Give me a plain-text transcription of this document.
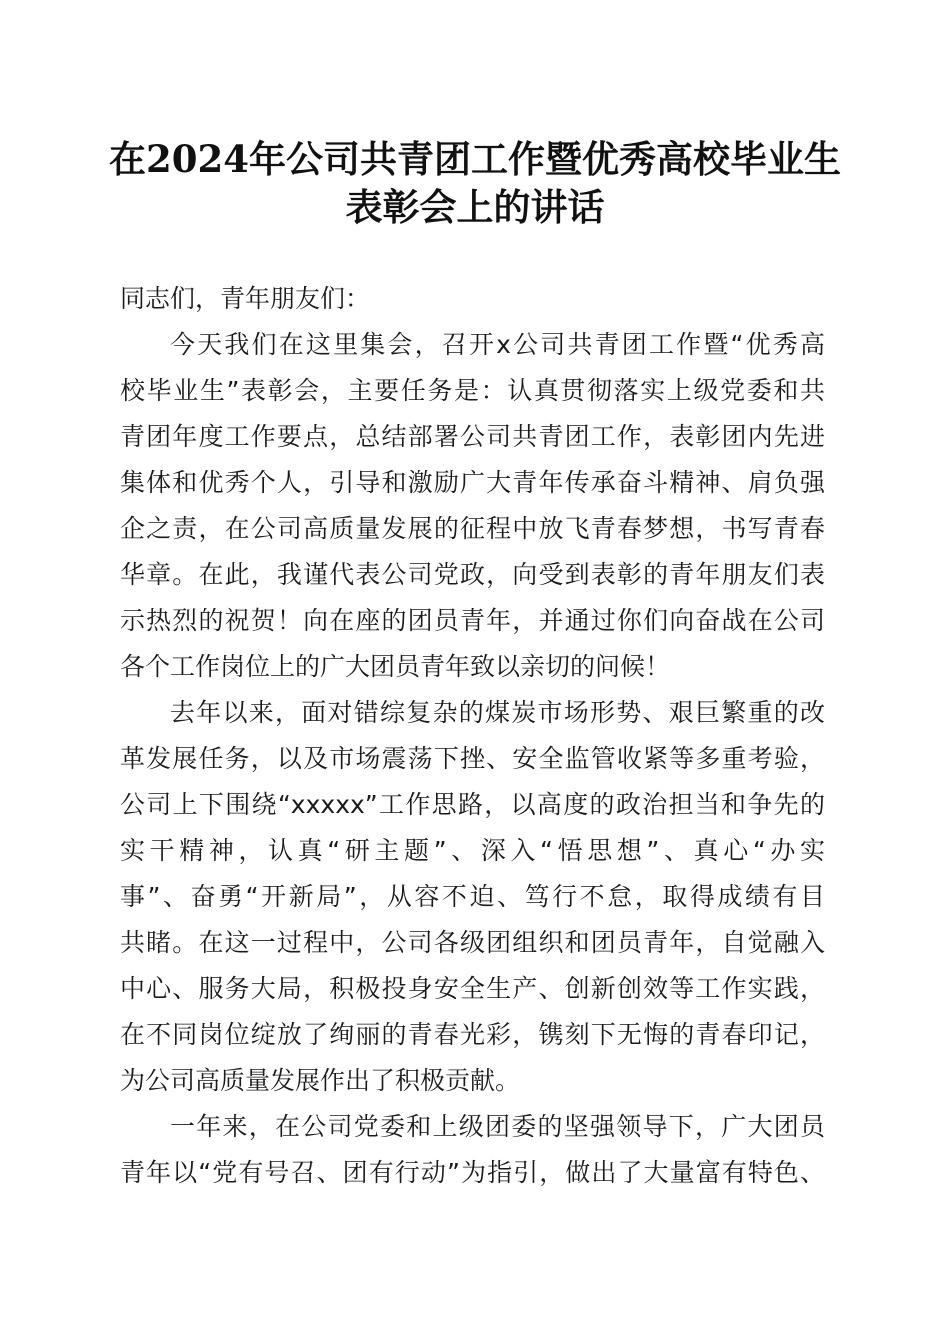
在2024年公司共青团工作暨优秀高校毕业生
表彰会上的讲话
同志们，青年朋友们：
今天我们在这里集会，召开x公司共青团工作暨“优秀高
校毕业生”表彰会，主要任务是：认真贯彻落实上级党委和共
青团年度工作要点，总结部署公司共青团工作，表彰团内先进
集体和优秀个人，引导和激励广大青年传承奋斗精神、肩负强
企之责，在公司高质量发展的征程中放飞青春梦想，书写青春
华章。在此，我谨代表公司党政，向受到表彰的青年朋友们表
示热烈的祝贺！向在座的团员青年，并通过你们向奋战在公司
各个工作岗位上的广大团员青年致以亲切的问候！
去年以来，面对错综复杂的煤炭市场形势、艰巨繁重的改
革发展任务，以及市场震荡下挫、安全监管收紧等多重考验，
公司上下围绕“xxxxx”工作思路，以高度的政治担当和争先的
实干精神，认真“研主题”、深入“悟思想”、真心“办实
事”、奋勇“开新局”，从容不迫、笃行不怠，取得成绩有目
共睹。在这一过程中，公司各级团组织和团员青年，自觉融入
中心、服务大局，积极投身安全生产、创新创效等工作实践，
在不同岗位绽放了绚丽的青春光彩，镌刻下无悔的青春印记，
为公司高质量发展作出了积极贡献。
一年来，在公司党委和上级团委的坚强领导下，广大团员
青年以“党有号召、团有行动”为指引，做出了大量富有特色、
